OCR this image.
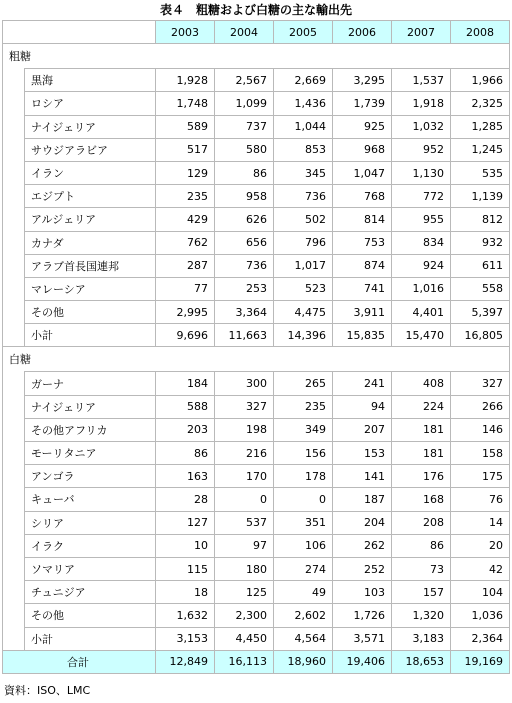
表４　粗糖および白糖の主な輸出先
		2003	2004	2005	2006	2007	2008
粗糖							
	黒海	1,928	2,567	2,669	3,295	1,537	1,966
	ロシア	1,748	1,099	1,436	1,739	1,918	2,325
	ナイジェリア	589	737	1,044	925	1,032	1,285
	サウジアラビア	517	580	853	968	952	1,245
	イラン	129	86	345	1,047	1,130	535
	エジプト	235	958	736	768	772	1,139
	アルジェリア	429	626	502	814	955	812
	カナダ	762	656	796	753	834	932
	アラブ首長国連邦	287	736	1,017	874	924	611
	マレーシア	77	253	523	741	1,016	558
	その他	2,995	3,364	4,475	3,911	4,401	5,397
	小計	9,696	11,663	14,396	15,835	15,470	16,805
白糖							
	ガーナ	184	300	265	241	408	327
	ナイジェリア	588	327	235	94	224	266
	その他アフリカ	203	198	349	207	181	146
	モーリタニア	86	216	156	153	181	158
	アンゴラ	163	170	178	141	176	175
	キューバ	28	0	0	187	168	76
	シリア	127	537	351	204	208	14
	イラク	10	97	106	262	86	20
	ソマリア	115	180	274	252	73	42
	チュニジア	18	125	49	103	157	104
	その他	1,632	2,300	2,602	1,726	1,320	1,036
	小計	3,153	4,450	4,564	3,571	3,183	2,364
合計		12,849	16,113	18,960	19,406	18,653	19,169
資料：ISO、LMC
